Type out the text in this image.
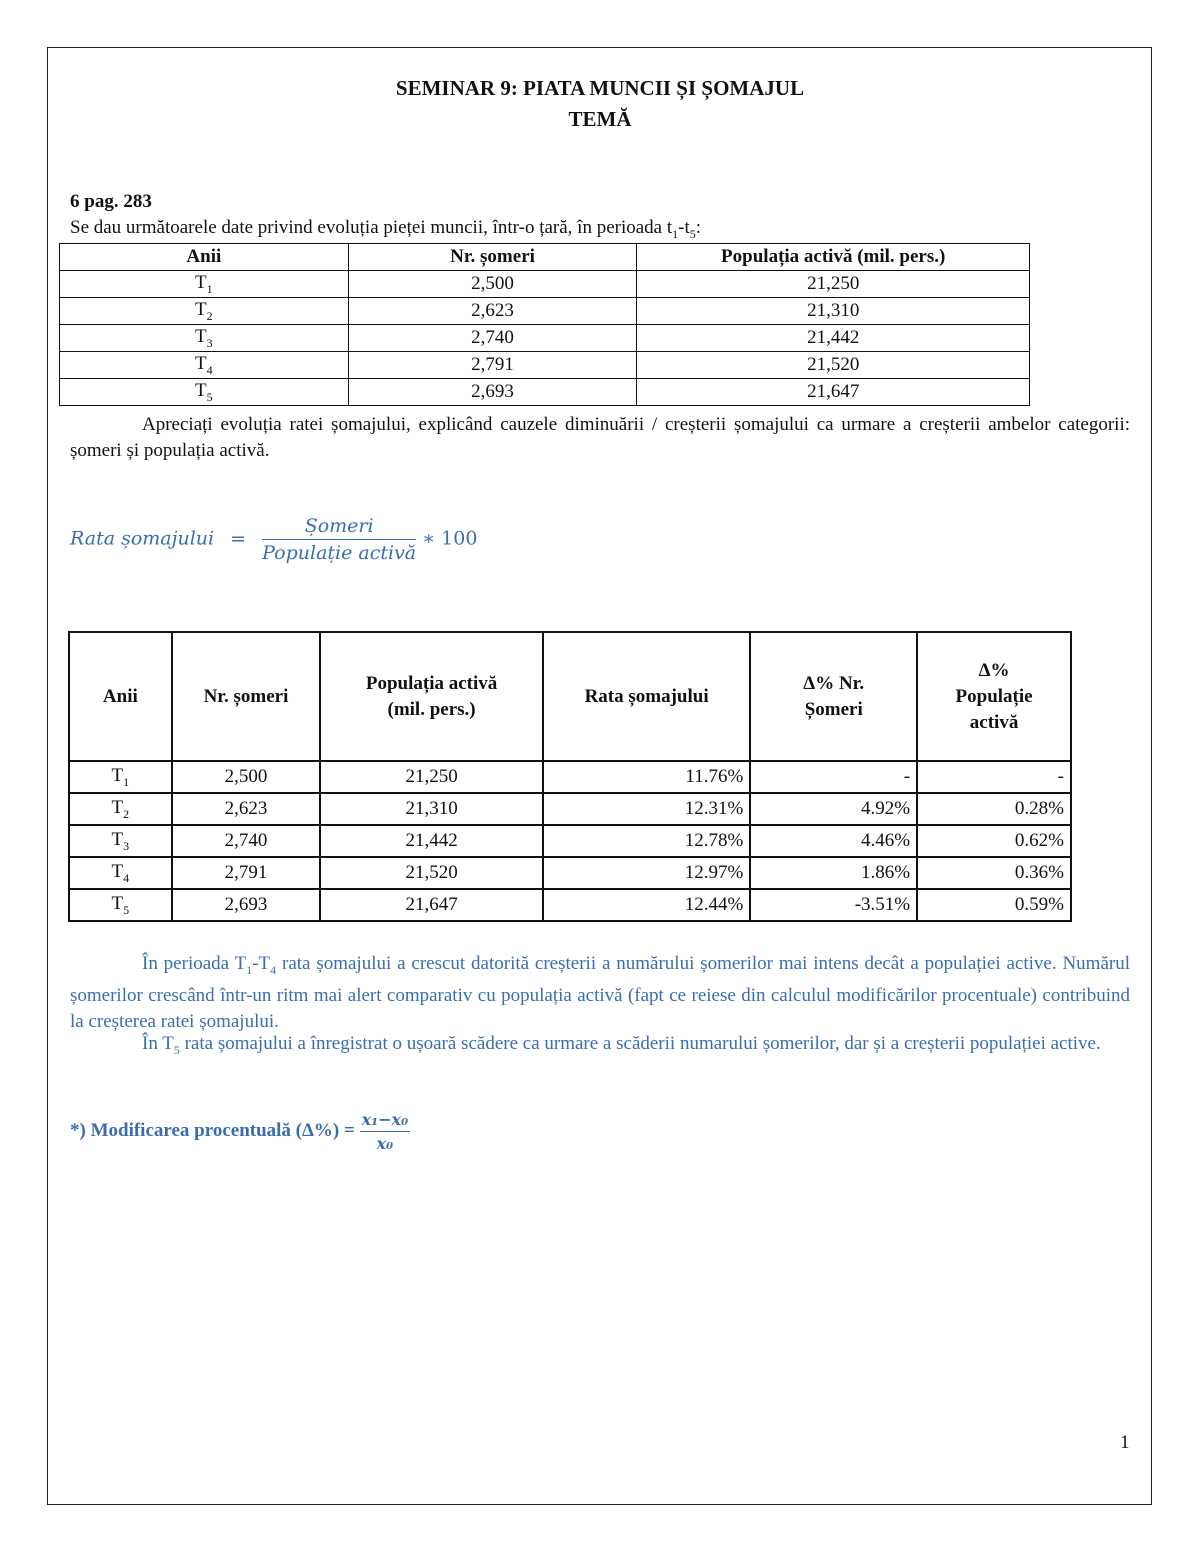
SEMINAR 9: PIATA MUNCII ȘI ȘOMAJUL
TEMĂ
6 pag. 283
Se dau următoarele date privind evoluția pieței muncii, într-o țară, în perioada $t_1-t_5$:
Anii	Nr. șomeri	Populația activă (mil. pers.)
$T_1$	2,500	21,250
$T_2$	2,623	21,310
$T_3$	2,740	21,442
$T_4$	2,791	21,520
$T_5$	2,693	21,647
Apreciați evoluția ratei șomajului, explicând cauzele diminuării / creșterii șomajului ca urmare a creșterii ambelor categorii: șomeri și populația activă.
Rata șomajului = $\frac{\text{Șomeri}}{\text{Populație activă}}$ ∗ 100
Anii	Nr. șomeri	Populația activă (mil. pers.)	Rata șomajului	Δ% Nr. Șomeri	Δ% Populație activă
$T_1$	2,500	21,250	11.76%	-	-
$T_2$	2,623	21,310	12.31%	4.92%	0.28%
$T_3$	2,740	21,442	12.78%	4.46%	0.62%
$T_4$	2,791	21,520	12.97%	1.86%	0.36%
$T_5$	2,693	21,647	12.44%	-3.51%	0.59%
În perioada $T_1-T_4$ rata șomajului a crescut datorită creșterii a numărului șomerilor mai intens decât a populației active. Numărul șomerilor crescând într-un ritm mai alert comparativ cu populația activă (fapt ce reiese din calculul modificărilor procentuale) contribuind la creșterea ratei șomajului.
În $T_5$ rata șomajului a înregistrat o ușoară scădere ca urmare a scăderii numarului șomerilor, dar și a creșterii populației active.
*) Modificarea procentuală $(\Delta\%) = \frac{\text{x₁−x₀}}{\text{x₀}}$
1
